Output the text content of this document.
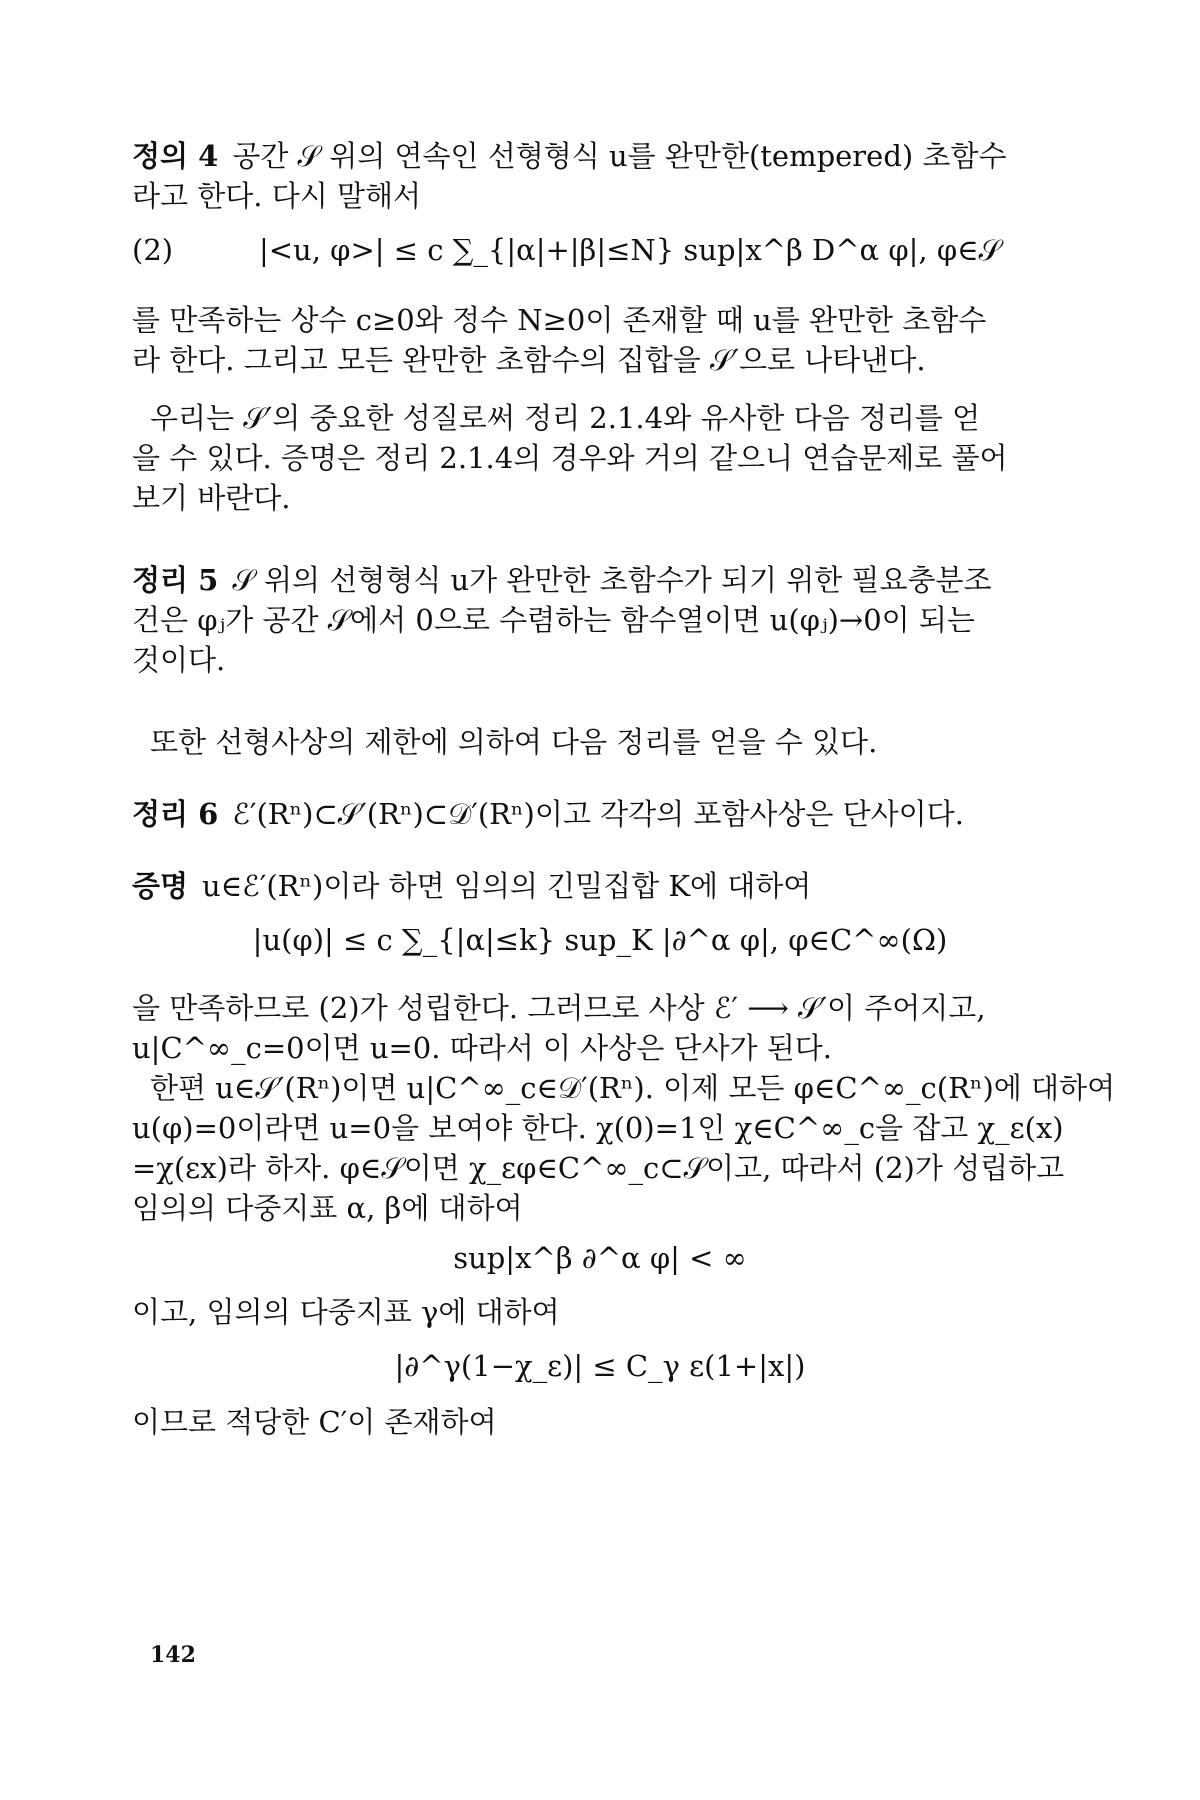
정의 4 공간 𝒮 위의 연속인 선형형식 u를 완만한(tempered) 초함수
라고 한다. 다시 말해서
(2)	|<u, φ>| ≤ c ∑_{|α|+|β|≤N} sup|x^β D^α φ|, φ∈𝒮
를 만족하는 상수 c≥0와 정수 N≥0이 존재할 때 u를 완만한 초함수
라 한다. 그리고 모든 완만한 초함수의 집합을 𝒮′으로 나타낸다.
우리는 𝒮′의 중요한 성질로써 정리 2.1.4와 유사한 다음 정리를 얻
을 수 있다. 증명은 정리 2.1.4의 경우와 거의 같으니 연습문제로 풀어
보기 바란다.
정리 5 𝒮 위의 선형형식 u가 완만한 초함수가 되기 위한 필요충분조
건은 φⱼ가 공간 𝒮에서 0으로 수렴하는 함수열이면 u(φⱼ)→0이 되는
것이다.
또한 선형사상의 제한에 의하여 다음 정리를 얻을 수 있다.
정리 6 ℰ′(Rⁿ)⊂𝒮′(Rⁿ)⊂𝒟′(Rⁿ)이고 각각의 포함사상은 단사이다.
증명 u∈ℰ′(Rⁿ)이라 하면 임의의 긴밀집합 K에 대하여
|u(φ)| ≤ c ∑_{|α|≤k} sup_K |∂^α φ|, φ∈C^∞(Ω)
을 만족하므로 (2)가 성립한다. 그러므로 사상 ℰ′ ⟶ 𝒮′이 주어지고,
u|C^∞_c=0이면 u=0. 따라서 이 사상은 단사가 된다.
한편 u∈𝒮′(Rⁿ)이면 u|C^∞_c∈𝒟′(Rⁿ). 이제 모든 φ∈C^∞_c(Rⁿ)에 대하여
u(φ)=0이라면 u=0을 보여야 한다. χ(0)=1인 χ∈C^∞_c을 잡고 χ_ε(x)
=χ(εx)라 하자. φ∈𝒮이면 χ_εφ∈C^∞_c⊂𝒮이고, 따라서 (2)가 성립하고
임의의 다중지표 α, β에 대하여
sup|x^β ∂^α φ| < ∞
이고, 임의의 다중지표 γ에 대하여
|∂^γ(1−χ_ε)| ≤ C_γ ε(1+|x|)
이므로 적당한 C′이 존재하여
142
